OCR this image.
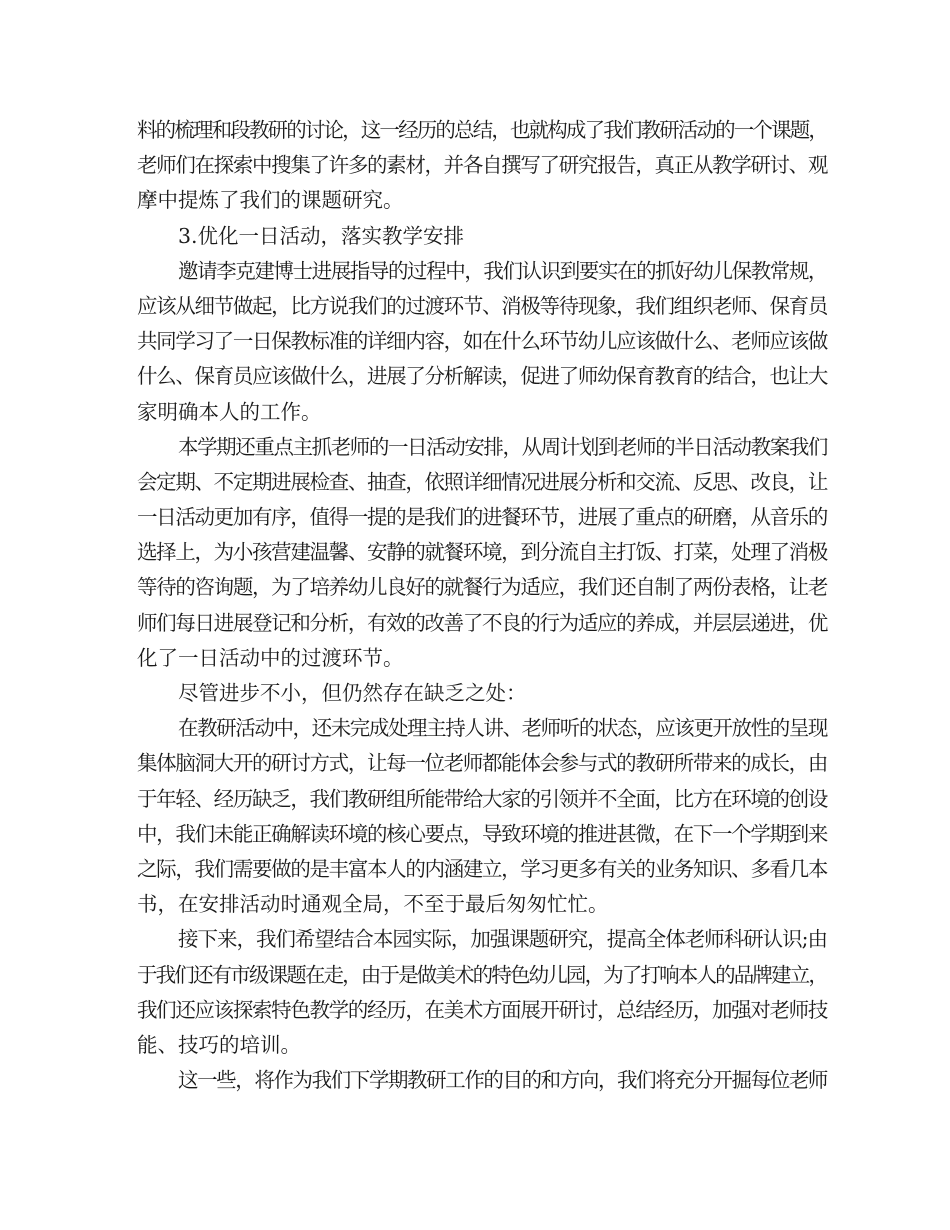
料的梳理和段教研的讨论，这一经历的总结，也就构成了我们教研活动的一个课题，
老师们在探索中搜集了许多的素材，并各自撰写了研究报告，真正从教学研讨、观
摩中提炼了我们的课题研究。
3.优化一日活动，落实教学安排
邀请李克建博士进展指导的过程中，我们认识到要实在的抓好幼儿保教常规，
应该从细节做起，比方说我们的过渡环节、消极等待现象，我们组织老师、保育员
共同学习了一日保教标准的详细内容，如在什么环节幼儿应该做什么、老师应该做
什么、保育员应该做什么，进展了分析解读，促进了师幼保育教育的结合，也让大
家明确本人的工作。
本学期还重点主抓老师的一日活动安排，从周计划到老师的半日活动教案我们
会定期、不定期进展检查、抽查，依照详细情况进展分析和交流、反思、改良，让
一日活动更加有序，值得一提的是我们的进餐环节，进展了重点的研磨，从音乐的
选择上，为小孩营建温馨、安静的就餐环境，到分流自主打饭、打菜，处理了消极
等待的咨询题，为了培养幼儿良好的就餐行为适应，我们还自制了两份表格，让老
师们每日进展登记和分析，有效的改善了不良的行为适应的养成，并层层递进，优
化了一日活动中的过渡环节。
尽管进步不小，但仍然存在缺乏之处：
在教研活动中，还未完成处理主持人讲、老师听的状态，应该更开放性的呈现
集体脑洞大开的研讨方式，让每一位老师都能体会参与式的教研所带来的成长，由
于年轻、经历缺乏，我们教研组所能带给大家的引领并不全面，比方在环境的创设
中，我们未能正确解读环境的核心要点，导致环境的推进甚微，在下一个学期到来
之际，我们需要做的是丰富本人的内涵建立，学习更多有关的业务知识、多看几本
书，在安排活动时通观全局，不至于最后匆匆忙忙。
接下来，我们希望结合本园实际，加强课题研究，提高全体老师科研认识;由
于我们还有市级课题在走，由于是做美术的特色幼儿园，为了打响本人的品牌建立，
我们还应该探索特色教学的经历，在美术方面展开研讨，总结经历，加强对老师技
能、技巧的培训。
这一些，将作为我们下学期教研工作的目的和方向，我们将充分开掘每位老师
